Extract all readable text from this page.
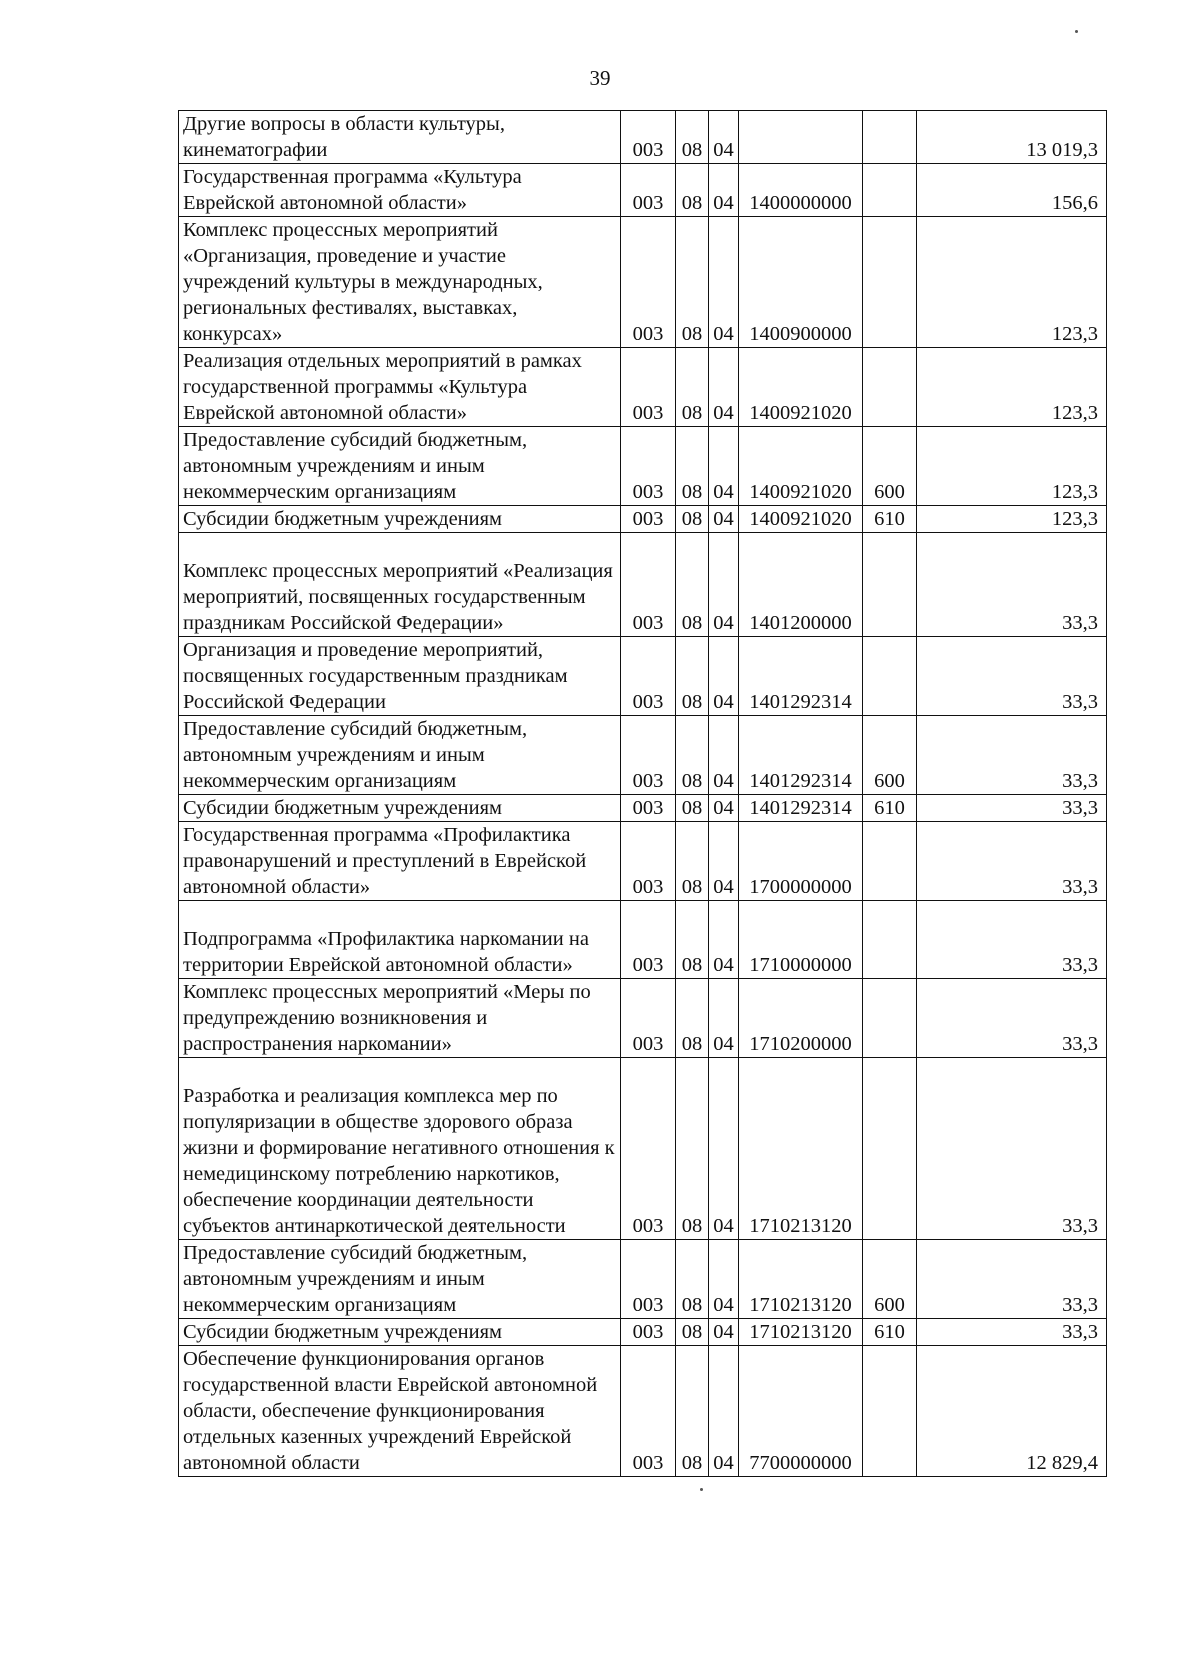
39
Другие вопросы в области культуры, кинематографии	003	08	04			13 019,3
Государственная программа «Культура Еврейской автономной области»	003	08	04	1400000000		156,6
Комплекс процессных мероприятий «Организация, проведение и участие учреждений культуры в международных, региональных фестивалях, выставках, конкурсах»	003	08	04	1400900000		123,3
Реализация отдельных мероприятий в рамках государственной программы «Культура Еврейской автономной области»	003	08	04	1400921020		123,3
Предоставление субсидий бюджетным, автономным учреждениям и иным некоммерческим организациям	003	08	04	1400921020	600	123,3
Субсидии бюджетным учреждениям	003	08	04	1400921020	610	123,3
Комплекс процессных мероприятий «Реализация мероприятий, посвященных государственным праздникам Российской Федерации»	003	08	04	1401200000		33,3
Организация и проведение мероприятий, посвященных государственным праздникам Российской Федерации	003	08	04	1401292314		33,3
Предоставление субсидий бюджетным, автономным учреждениям и иным некоммерческим организациям	003	08	04	1401292314	600	33,3
Субсидии бюджетным учреждениям	003	08	04	1401292314	610	33,3
Государственная программа «Профилактика правонарушений и преступлений в Еврейской автономной области»	003	08	04	1700000000		33,3
Подпрограмма «Профилактика наркомании на территории Еврейской автономной области»	003	08	04	1710000000		33,3
Комплекс процессных мероприятий «Меры по предупреждению возникновения и распространения наркомании»	003	08	04	1710200000		33,3
Разработка и реализация комплекса мер по популяризации в обществе здорового образа жизни и формирование негативного отношения к немедицинскому потреблению наркотиков, обеспечение координации деятельности субъектов антинаркотической деятельности	003	08	04	1710213120		33,3
Предоставление субсидий бюджетным, автономным учреждениям и иным некоммерческим организациям	003	08	04	1710213120	600	33,3
Субсидии бюджетным учреждениям	003	08	04	1710213120	610	33,3
Обеспечение функционирования органов государственной власти Еврейской автономной области, обеспечение функционирования отдельных казенных учреждений Еврейской автономной области	003	08	04	7700000000		12 829,4
